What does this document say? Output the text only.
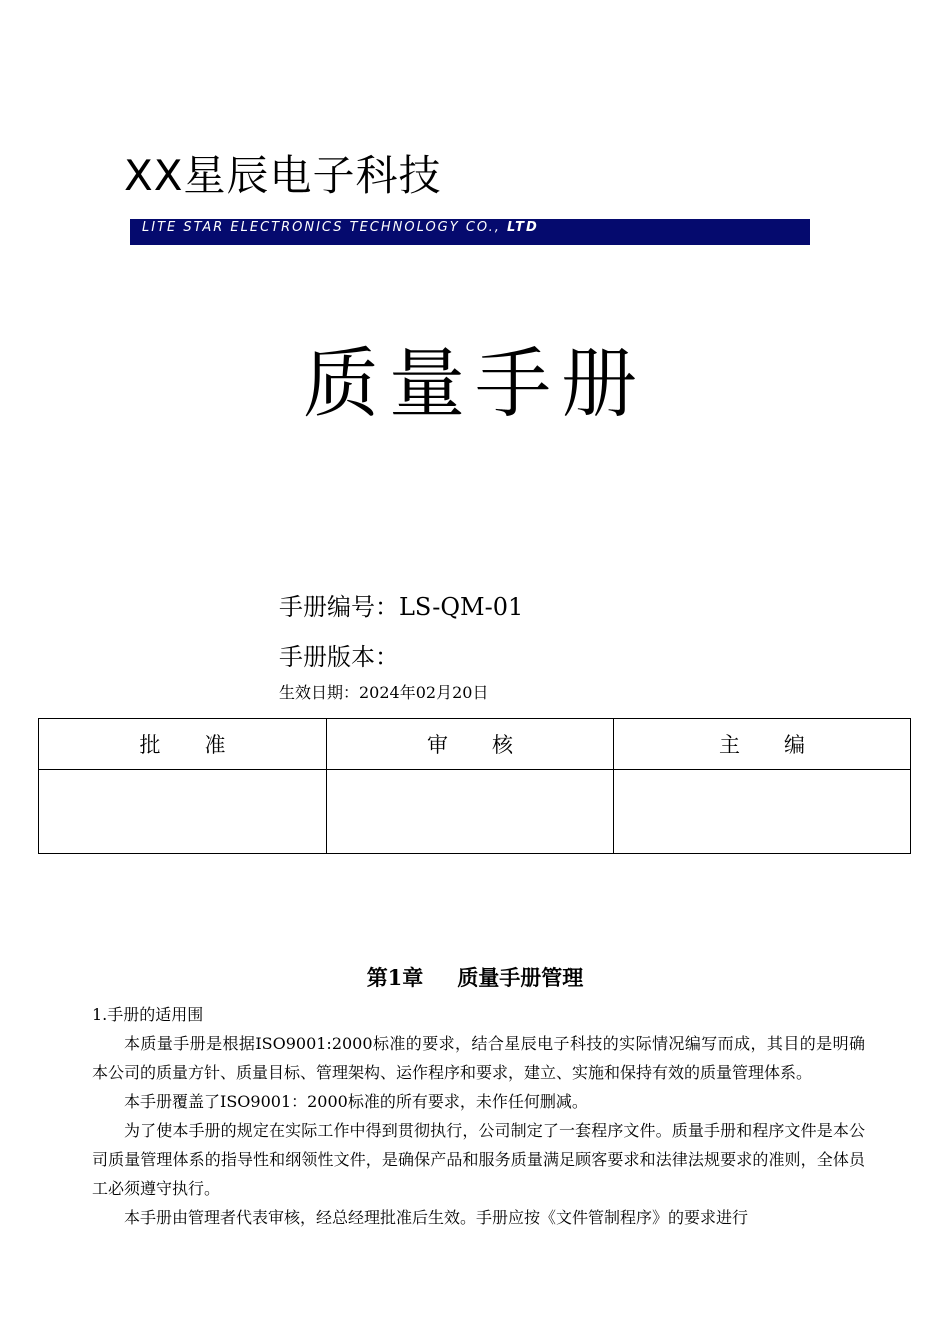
XX星辰电子科技
LITE STAR ELECTRONICS TECHNOLOGY CO., LTD
质量手册
手册编号：LS-QM-01
手册版本：
生效日期：2024年02月20日
批 准	审 核	主 编

第1章 质量手册管理

1.手册的适用围

本质量手册是根据ISO9001:2000标准的要求，结合星辰电子科技的实际情况编写而成，其目的是明确本公司的质量方针、质量目标、管理架构、运作程序和要求，建立、实施和保持有效的质量管理体系。

本手册覆盖了ISO9001：2000标准的所有要求，未作任何删减。

为了使本手册的规定在实际工作中得到贯彻执行，公司制定了一套程序文件。质量手册和程序文件是本公司质量管理体系的指导性和纲领性文件，是确保产品和服务质量满足顾客要求和法律法规要求的准则，全体员工必须遵守执行。

本手册由管理者代表审核，经总经理批准后生效。手册应按《文件管制程序》的要求进行
